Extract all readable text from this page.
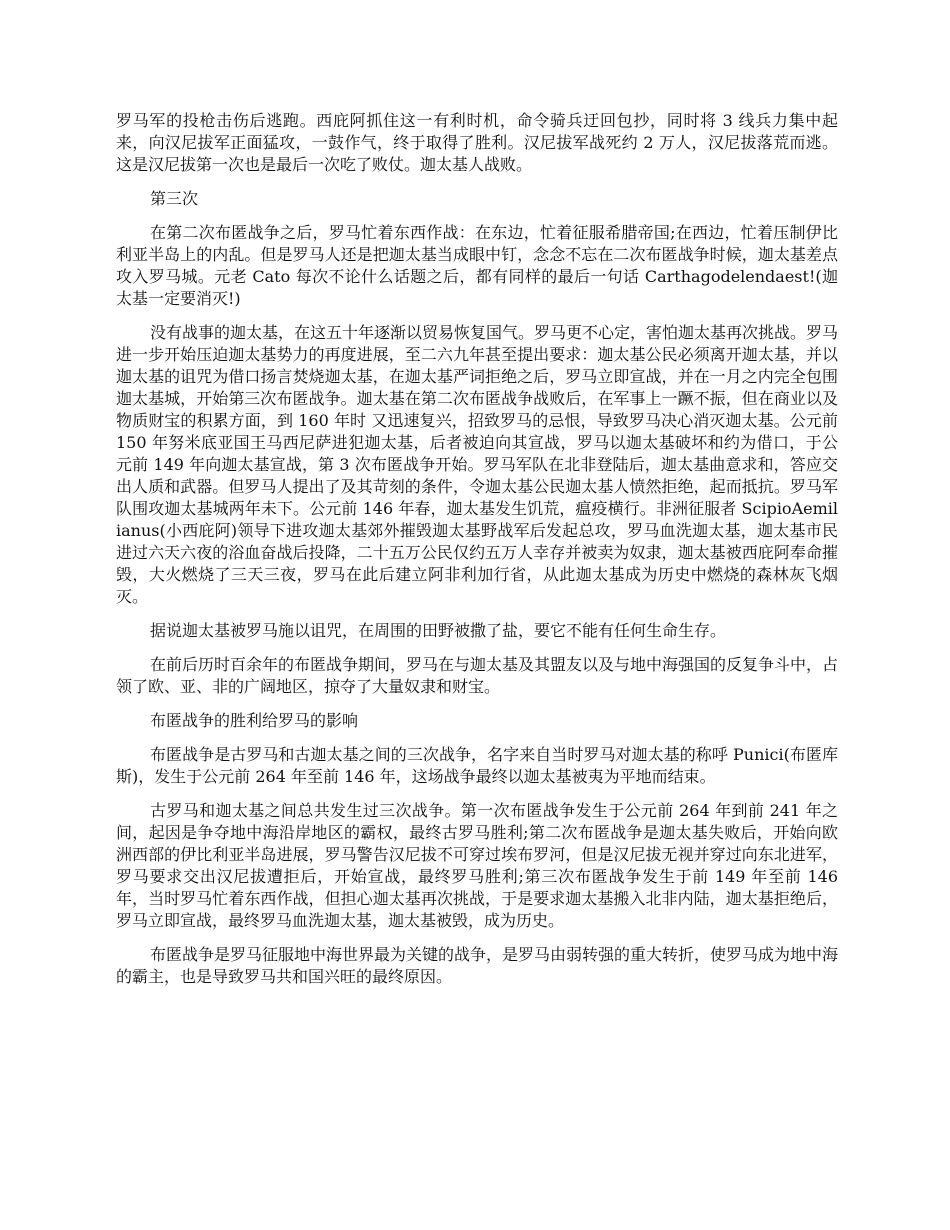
罗马军的投枪击伤后逃跑。西庇阿抓住这一有利时机，命令骑兵迂回包抄，同时将 3 线兵力集中起来，向汉尼拔军正面猛攻，一鼓作气，终于取得了胜利。汉尼拔军战死约 2 万人，汉尼拔落荒而逃。这是汉尼拔第一次也是最后一次吃了败仗。迦太基人战败。

第三次

在第二次布匿战争之后，罗马忙着东西作战：在东边，忙着征服希腊帝国;在西边，忙着压制伊比利亚半岛上的内乱。但是罗马人还是把迦太基当成眼中钉，念念不忘在二次布匿战争时候，迦太基差点攻入罗马城。元老 Cato 每次不论什么话题之后，都有同样的最后一句话 Carthagodelendaest!(迦太基一定要消灭!)

没有战事的迦太基，在这五十年逐渐以贸易恢复国气。罗马更不心定，害怕迦太基再次挑战。罗马进一步开始压迫迦太基势力的再度进展，至二六九年甚至提出要求：迦太基公民必须离开迦太基，并以迦太基的诅咒为借口扬言焚烧迦太基，在迦太基严词拒绝之后，罗马立即宣战，并在一月之内完全包围迦太基城，开始第三次布匿战争。迦太基在第二次布匿战争战败后，在军事上一蹶不振，但在商业以及物质财宝的积累方面，到 160 年时 又迅速复兴，招致罗马的忌恨，导致罗马决心消灭迦太基。公元前 150 年努米底亚国王马西尼萨进犯迦太基，后者被迫向其宣战，罗马以迦太基破坏和约为借口，于公元前 149 年向迦太基宣战，第 3 次布匿战争开始。罗马军队在北非登陆后，迦太基曲意求和，答应交出人质和武器。但罗马人提出了及其苛刻的条件，令迦太基公民迦太基人愤然拒绝，起而抵抗。罗马军队围攻迦太基城两年未下。公元前 146 年春，迦太基发生饥荒，瘟疫横行。非洲征服者 ScipioAemilianus(小西庇阿)领导下进攻迦太基郊外摧毁迦太基野战军后发起总攻，罗马血洗迦太基，迦太基市民进过六天六夜的浴血奋战后投降，二十五万公民仅约五万人幸存并被卖为奴隶，迦太基被西庇阿奉命摧毁，大火燃烧了三天三夜，罗马在此后建立阿非利加行省，从此迦太基成为历史中燃烧的森林灰飞烟灭。

据说迦太基被罗马施以诅咒，在周围的田野被撒了盐，要它不能有任何生命生存。

在前后历时百余年的布匿战争期间，罗马在与迦太基及其盟友以及与地中海强国的反复争斗中，占领了欧、亚、非的广阔地区，掠夺了大量奴隶和财宝。

布匿战争的胜利给罗马的影响

布匿战争是古罗马和古迦太基之间的三次战争，名字来自当时罗马对迦太基的称呼 Punici(布匿库斯)，发生于公元前 264 年至前 146 年，这场战争最终以迦太基被夷为平地而结束。

古罗马和迦太基之间总共发生过三次战争。第一次布匿战争发生于公元前 264 年到前 241 年之间，起因是争夺地中海沿岸地区的霸权，最终古罗马胜利;第二次布匿战争是迦太基失败后，开始向欧洲西部的伊比利亚半岛进展，罗马警告汉尼拔不可穿过埃布罗河，但是汉尼拔无视并穿过向东北进军，罗马要求交出汉尼拔遭拒后，开始宣战，最终罗马胜利;第三次布匿战争发生于前 149 年至前 146 年，当时罗马忙着东西作战，但担心迦太基再次挑战，于是要求迦太基搬入北非内陆，迦太基拒绝后，罗马立即宣战，最终罗马血洗迦太基，迦太基被毁，成为历史。

布匿战争是罗马征服地中海世界最为关键的战争，是罗马由弱转强的重大转折，使罗马成为地中海的霸主，也是导致罗马共和国兴旺的最终原因。
